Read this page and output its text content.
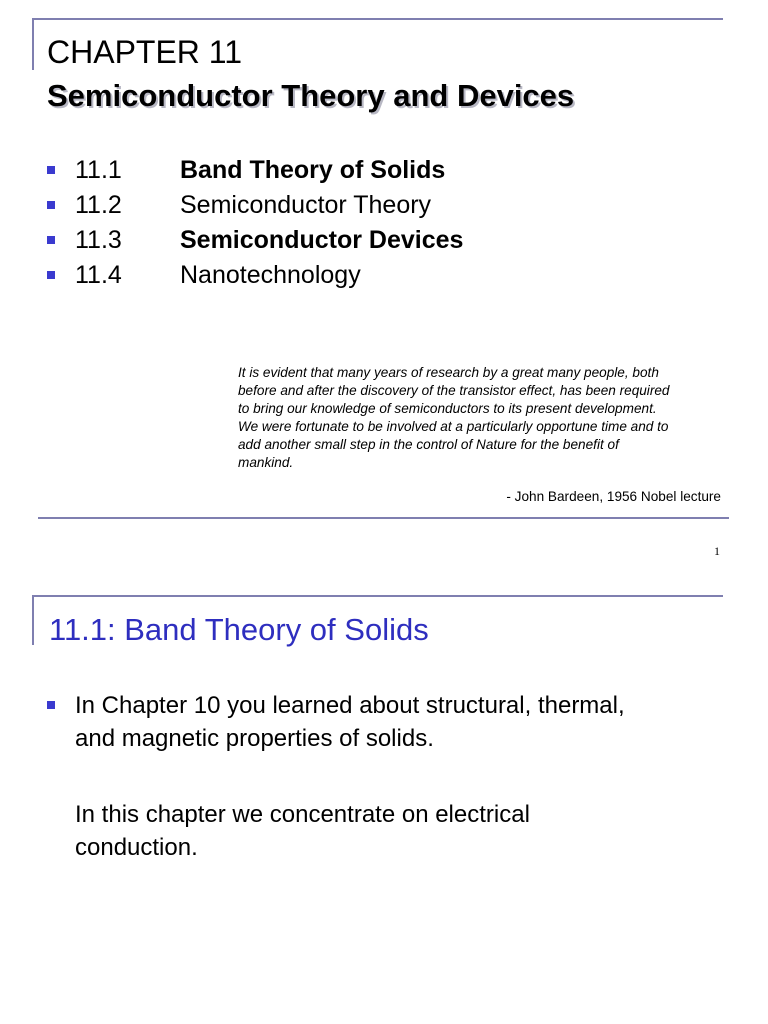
CHAPTER 11
Semiconductor Theory and Devices
11.1 Band Theory of Solids
11.2 Semiconductor Theory
11.3 Semiconductor Devices
11.4 Nanotechnology
It is evident that many years of research by a great many people, both
before and after the discovery of the transistor effect, has been required
to bring our knowledge of semiconductors to its present development.
We were fortunate to be involved at a particularly opportune time and to
add another small step in the control of Nature for the benefit of
mankind.
- John Bardeen, 1956 Nobel lecture
1
11.1: Band Theory of Solids
In Chapter 10 you learned about structural, thermal,
and magnetic properties of solids.
In this chapter we concentrate on electrical
conduction.
